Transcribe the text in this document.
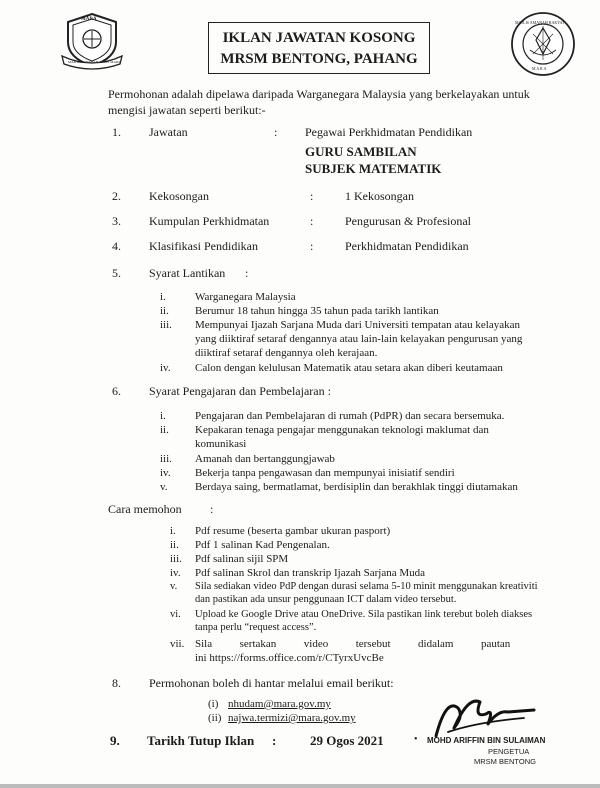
MARA
MAKTAB RENDAH SAINS MARA
IKLAN JAWATAN KOSONG
MRSM BENTONG, PAHANG
MAJLIS AMANAH RAKYAT
M A R A
Permohonan adalah dipelawa daripada Warganegara Malaysia yang berkelayakan untuk
mengisi jawatan seperti berikut:-
1. Jawatan	: Pegawai Perkhidmatan Pendidikan
GURU SAMBILAN
SUBJEK MATEMATIK
2. Kekosongan	:	1 Kekosongan
3. Kumpulan Perkhidmatan	:	Pengurusan & Profesional
4. Klasifikasi Pendidikan	:	Perkhidmatan Pendidikan
5. Syarat Lantikan :
i.	Warganegara Malaysia
ii. Berumur 18 tahun hingga 35 tahun pada tarikh lantikan
iii. Mempunyai Ijazah Sarjana Muda dari Universiti tempatan atau kelayakan
yang diiktiraf setaraf dengannya atau lain-lain kelayakan pengurusan yang
diiktiraf setaraf dengannya oleh kerajaan.
iv. Calon dengan kelulusan Matematik atau setara akan diberi keutamaan
6. Syarat Pengajaran dan Pembelajaran :
i.	Pengajaran dan Pembelajaran di rumah (PdPR) dan secara bersemuka.
ii. Kepakaran tenaga pengajar menggunakan teknologi maklumat dan
komunikasi
iii. Amanah dan bertanggungjawab
iv. Bekerja tanpa pengawasan dan mempunyai inisiatif sendiri
v. Berdaya saing, bermatlamat, berdisiplin dan berakhlak tinggi diutamakan
Cara memohon :
i. Pdf resume (beserta gambar ukuran pasport)
ii. Pdf 1 salinan Kad Pengenalan.
iii. Pdf salinan sijil SPM
iv. Pdf salinan Skrol dan transkrip Ijazah Sarjana Muda
v. Sila sediakan video PdP dengan durasi selama 5-10 minit menggunakan kreativiti
dan pastikan ada unsur penggunaan ICT dalam video tersebut.
vi. Upload ke Google Drive atau OneDrive. Sila pastikan link terebut boleh diakses
tanpa perlu “request access”.
vii. Sila          sertakan          video          tersebut          didalam          pautan
ini https://forms.office.com/r/CTyrxUvcBe
8. Permohonan boleh di hantar melalui email berikut:
(i) nhudam@mara.gov.my
(ii) najwa.termizi@mara.gov.my
9. Tarikh Tutup Iklan :	29 Ogos 2021	• MOHD ARIFFIN BIN SULAIMAN
PENGETUA
MRSM BENTONG
